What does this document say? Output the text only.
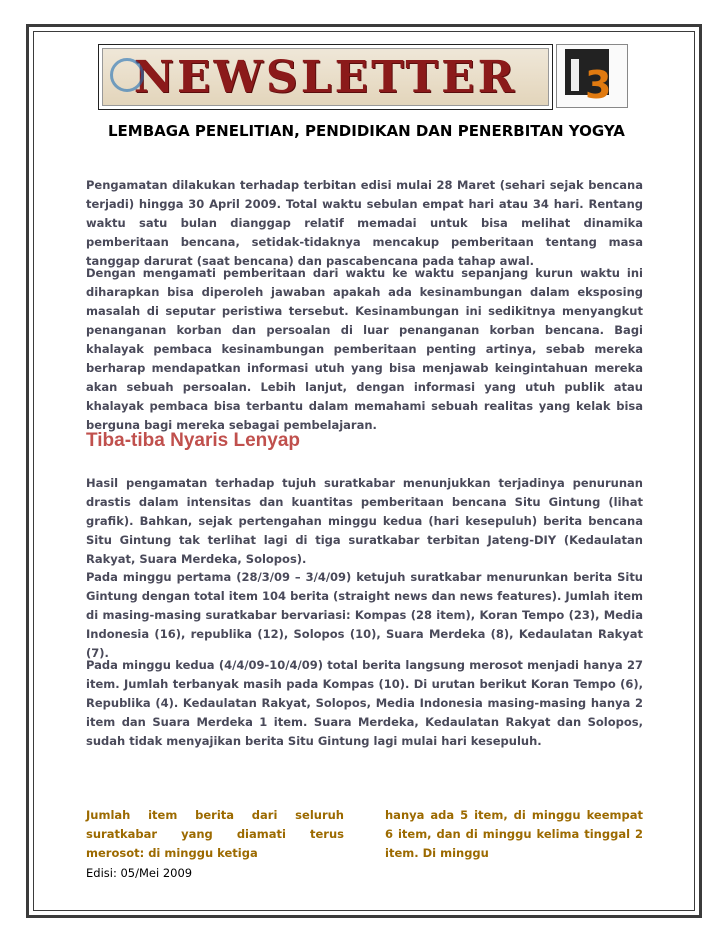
NEWSLETTER 3
LEMBAGA PENELITIAN, PENDIDIKAN DAN PENERBITAN YOGYA

Pengamatan dilakukan terhadap terbitan edisi mulai 28 Maret (sehari sejak bencana terjadi) hingga 30 April 2009. Total waktu sebulan empat hari atau 34 hari. Rentang waktu satu bulan dianggap relatif memadai untuk bisa melihat dinamika pemberitaan bencana, setidak-tidaknya mencakup pemberitaan tentang masa tanggap darurat (saat bencana) dan pascabencana pada tahap awal.

Dengan mengamati pemberitaan dari waktu ke waktu sepanjang kurun waktu ini diharapkan bisa diperoleh jawaban apakah ada kesinambungan dalam eksposing masalah di seputar peristiwa tersebut. Kesinambungan ini sedikitnya menyangkut penanganan korban dan persoalan di luar penanganan korban bencana. Bagi khalayak pembaca kesinambungan pemberitaan penting artinya, sebab mereka berharap mendapatkan informasi utuh yang bisa menjawab keingintahuan mereka akan sebuah persoalan. Lebih lanjut, dengan informasi yang utuh publik atau khalayak pembaca bisa terbantu dalam memahami sebuah realitas yang kelak bisa berguna bagi mereka sebagai pembelajaran.

Tiba-tiba Nyaris Lenyap

Hasil pengamatan terhadap tujuh suratkabar menunjukkan terjadinya penurunan drastis dalam intensitas dan kuantitas pemberitaan bencana Situ Gintung (lihat grafik). Bahkan, sejak pertengahan minggu kedua (hari kesepuluh) berita bencana Situ Gintung tak terlihat lagi di tiga suratkabar terbitan Jateng-DIY (Kedaulatan Rakyat, Suara Merdeka, Solopos).

Pada minggu pertama (28/3/09 – 3/4/09) ketujuh suratkabar menurunkan berita Situ Gintung dengan total item 104 berita (straight news dan news features). Jumlah item di masing-masing suratkabar bervariasi: Kompas (28 item), Koran Tempo (23), Media Indonesia (16), republika (12), Solopos (10), Suara Merdeka (8), Kedaulatan Rakyat (7).

Pada minggu kedua (4/4/09-10/4/09) total berita langsung merosot menjadi hanya 27 item. Jumlah terbanyak masih pada Kompas (10). Di urutan berikut Koran Tempo (6), Republika (4). Kedaulatan Rakyat, Solopos, Media Indonesia masing-masing hanya 2 item dan Suara Merdeka 1 item. Suara Merdeka, Kedaulatan Rakyat dan Solopos, sudah tidak menyajikan berita Situ Gintung lagi mulai hari kesepuluh.

Jumlah item berita dari seluruh suratkabar yang diamati terus merosot: di minggu ketiga

hanya ada 5 item, di minggu keempat 6 item, dan di minggu kelima tinggal 2 item. Di minggu

Edisi: 05/Mei 2009
